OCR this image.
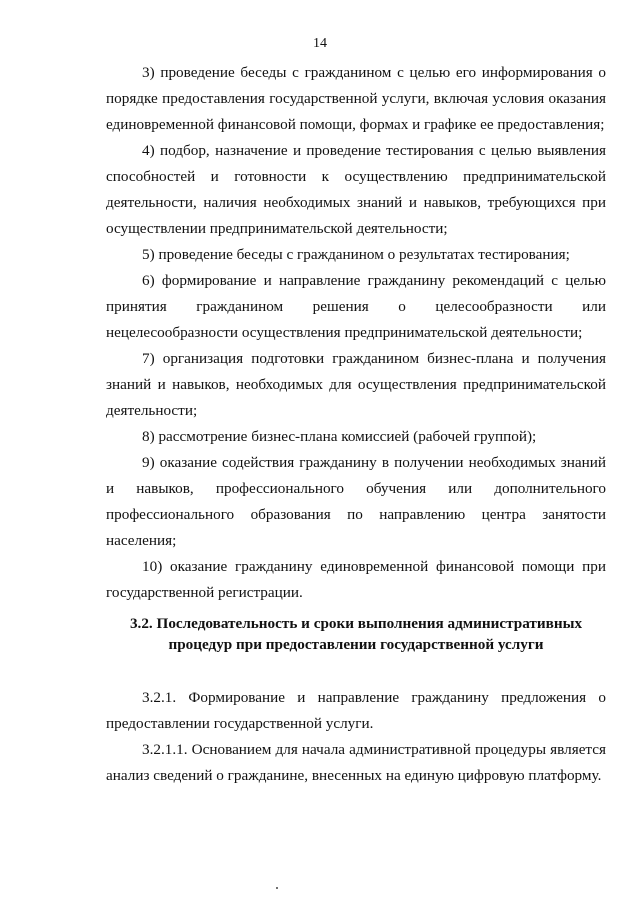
14

3) проведение беседы с гражданином с целью его информирования о порядке предоставления государственной услуги, включая условия оказания единовременной финансовой помощи, формах и графике ее предоставления;

4) подбор, назначение и проведение тестирования с целью выявления способностей и готовности к осуществлению предпринимательской деятельности, наличия необходимых знаний и навыков, требующихся при осуществлении предпринимательской деятельности;

5) проведение беседы с гражданином о результатах тестирования;

6) формирование и направление гражданину рекомендаций с целью принятия гражданином решения о целесообразности или нецелесообразности осуществления предпринимательской деятельности;

7) организация подготовки гражданином бизнес-плана и получения знаний и навыков, необходимых для осуществления предпринимательской деятельности;

8) рассмотрение бизнес-плана комиссией (рабочей группой);

9) оказание содействия гражданину в получении необходимых знаний и навыков, профессионального обучения или дополнительного профессионального образования по направлению центра занятости населения;

10) оказание гражданину единовременной финансовой помощи при государственной регистрации.

3.2. Последовательность и сроки выполнения административных
процедур при предоставлении государственной услуги

3.2.1. Формирование и направление гражданину предложения о предоставлении государственной услуги.

3.2.1.1. Основанием для начала административной процедуры является анализ сведений о гражданине, внесенных на единую цифровую платформу.
